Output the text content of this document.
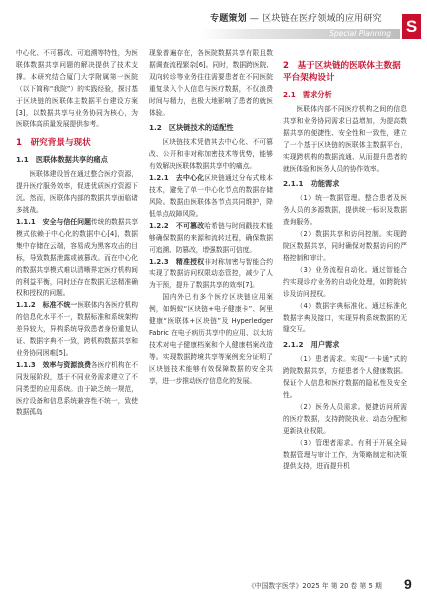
专题策划 — 区块链在医疗领域的应用研究
Special Planning S

中心化、不可篡改、可追溯等特性，为医联体数据共享问题的解决提供了技术支撑。本研究结合厦门大学附属第一医院（以下简称“我院”）的实践经验，探讨基于区块链的医联体主数据平台建设方案[3]，以数据共享与业务协同为核心，为医联体高质量发展提供参考。

1　研究背景与现状
1.1　医联体数据共享的痛点

医联体建设旨在通过整合医疗资源，提升医疗服务效率，促进优质医疗资源下沉。然而，医联体内部的数据共享面临诸多挑战。

1.1.1　安全与信任问题传统的数据共享模式依赖于中心化的数据中心[4]，数据集中存储在云端，容易成为黑客攻击的目标，导致数据泄露或被篡改。而在中心化的数据共享模式难以清晰界定医疗机构间的利益平衡，同时还存在数据无法精准确权和授权的问题。

1.1.2　标准不统一医联体内各医疗机构的信息化水平不一，数据标准和系统架构差异较大，异构系统导致患者身份重复认证、数据字典不一致，跨机构数据共享和业务协同困难[5]。

1.1.3　效率与资源浪费各医疗机构在不同发展阶段，基于不同业务需求建立了不同类型的应用系统。由于缺乏统一规范，医疗设备和信息系统兼容性不统一，致使数据孤岛

现象普遍存在，各医院数据共享有限且数据调查流程繁杂[6]。同时，数据跨医院、双向转诊等业务往往需要患者在不同医院重复录入个人信息与医疗数据，不仅浪费时间与精力，也极大地影响了患者的就医体验。

1.2　区块链技术的适配性

区块链技术凭借其去中心化、不可篡改、公开和非对称加密技术等优势，能够有效解决医联体数据共享中的痛点。

1.2.1　去中心化区块链通过分布式账本技术，避免了单一中心化节点的数据存储风险。数据由医联体各节点共同维护，降低单点故障风险。

1.2.2　不可篡改哈希链与时间戳技术能够确保数据的来源和流转过程，确保数据可追溯、防篡改，增强数据可信度。

1.2.3　精准授权非对称加密与智能合约实现了数据访问权限动态管控，减少了人为干预，提升了数据共享的效率[7]。

国内外已有多个医疗区块链应用案例，如蚂蚁“区块链+电子健康卡”、阿里健康“医联体+区块链”及 Hyperledger Fabric 在电子病历共享中的应用、以太坊技术对电子健康档案和个人健康档案改造等。实现数据跨境共享等案例充分证明了区块链技术能够有效保障数据的安全共享，进一步推动医疗信息化的发展。

2　基于区块链的医联体主数据平台架构设计
2.1　需求分析

医联体内部不同医疗机构之间的信息共享和业务协同需求日益增加，为提高数据共享的便捷性、安全性和一致性，建立了一个基于区块链的医联体主数据平台，实现跨机构的数据流通、从而提升患者的就医体验和医务人员的协作效率。

2.1.1　功能需求

（1）统一数据管理。整合患者及医务人员的多源数据，提供统一标识及数据查询服务。

（2）数据共享和访问控制。实现跨院区数据共享，同时确保对数据访问的严格控制和审计。

（3）业务流程自动化。通过智能合约实现诊疗业务的自动化处理，如跨院转诊及访问授权。

（4）数据字典标准化。通过标准化数据字典及接口，实现异构系统数据的无缝交互。

2.1.2　用户需求

（1）患者需求。实现“一卡通”式的跨院数据共享，方便患者个人健康数据。保证个人信息和医疗数据的隐私性及安全性。

（2）医务人员需求。便捷访问所需的医疗数据，支持跨院执业、动态分配和更新执业权限。

（3）管理者需求。有利于开展全局数据管理与审计工作，为策略制定和决策提供支持，进而提升机

《中国数字医学》2025 年 第 20 卷 第 5 期 9
